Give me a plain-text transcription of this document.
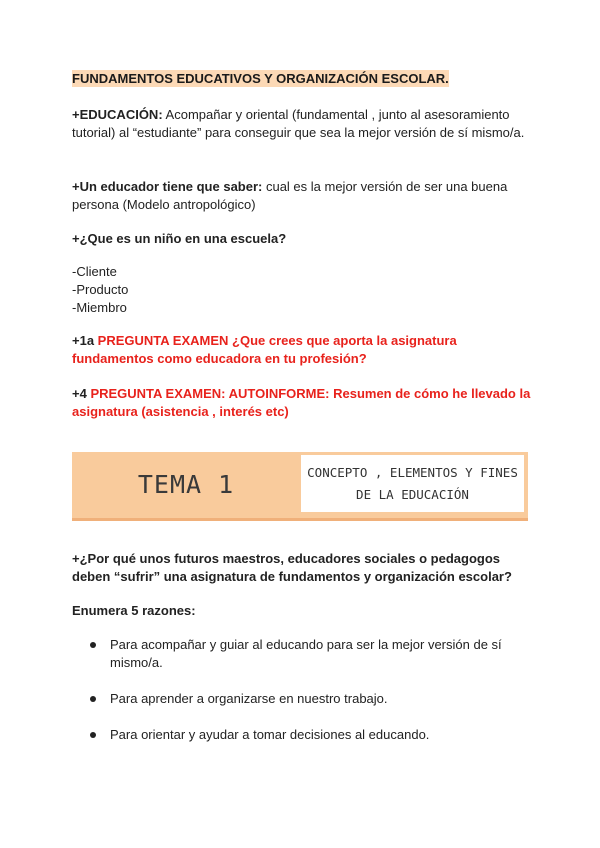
FUNDAMENTOS EDUCATIVOS Y ORGANIZACIÓN ESCOLAR.

+EDUCACIÓN: Acompañar y oriental (fundamental , junto al asesoramiento tutorial) al “estudiante” para conseguir que sea la mejor versión de sí mismo/a.

+Un educador tiene que saber: cual es la mejor versión de ser una buena persona (Modelo antropológico)

+¿Que es un niño en una escuela?

-Cliente

-Producto

-Miembro

+1a PREGUNTA EXAMEN ¿Que crees que aporta la asignatura fundamentos como educadora en tu profesión?

+4 PREGUNTA EXAMEN: AUTOINFORME: Resumen de cómo he llevado la asignatura (asistencia , interés etc)

TEMA 1	CONCEPTO , ELEMENTOS Y FINES DE LA EDUCACIÓN

+¿Por qué unos futuros maestros, educadores sociales o pedagogos deben “sufrir” una asignatura de fundamentos y organización escolar?

Enumera 5 razones:

Para acompañar y guiar al educando para ser la mejor versión de sí mismo/a.
Para aprender a organizarse en nuestro trabajo.
Para orientar y ayudar a tomar decisiones al educando.
